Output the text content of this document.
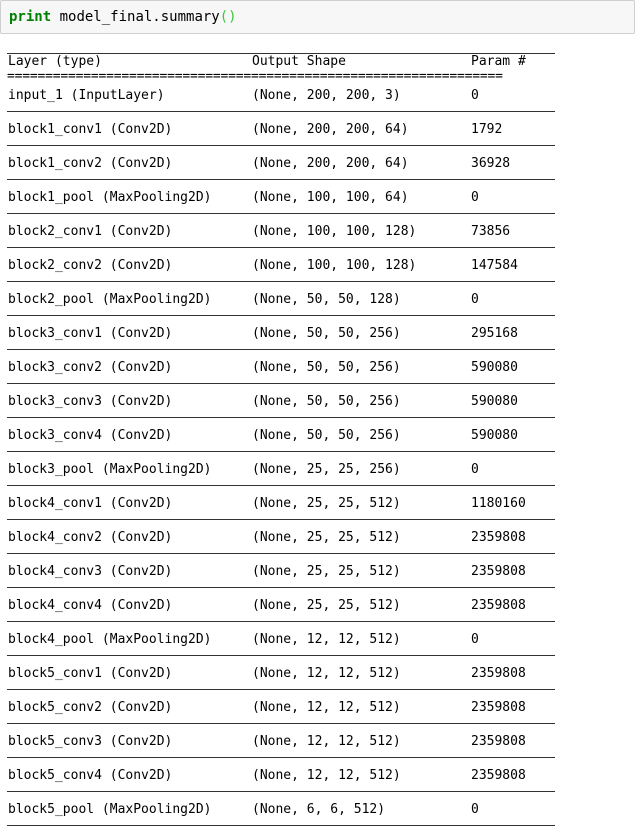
print model_final.summary()
Layer (type)	Output Shape	Param #
=================================================================
input_1 (InputLayer)	(None, 200, 200, 3)	0
block1_conv1 (Conv2D)	(None, 200, 200, 64)	1792
block1_conv2 (Conv2D)	(None, 200, 200, 64)	36928
block1_pool (MaxPooling2D)	(None, 100, 100, 64)	0
block2_conv1 (Conv2D)	(None, 100, 100, 128)	73856
block2_conv2 (Conv2D)	(None, 100, 100, 128)	147584
block2_pool (MaxPooling2D)	(None, 50, 50, 128)	0
block3_conv1 (Conv2D)	(None, 50, 50, 256)	295168
block3_conv2 (Conv2D)	(None, 50, 50, 256)	590080
block3_conv3 (Conv2D)	(None, 50, 50, 256)	590080
block3_conv4 (Conv2D)	(None, 50, 50, 256)	590080
block3_pool (MaxPooling2D)	(None, 25, 25, 256)	0
block4_conv1 (Conv2D)	(None, 25, 25, 512)	1180160
block4_conv2 (Conv2D)	(None, 25, 25, 512)	2359808
block4_conv3 (Conv2D)	(None, 25, 25, 512)	2359808
block4_conv4 (Conv2D)	(None, 25, 25, 512)	2359808
block4_pool (MaxPooling2D)	(None, 12, 12, 512)	0
block5_conv1 (Conv2D)	(None, 12, 12, 512)	2359808
block5_conv2 (Conv2D)	(None, 12, 12, 512)	2359808
block5_conv3 (Conv2D)	(None, 12, 12, 512)	2359808
block5_conv4 (Conv2D)	(None, 12, 12, 512)	2359808
block5_pool (MaxPooling2D)	(None, 6, 6, 512)	0
